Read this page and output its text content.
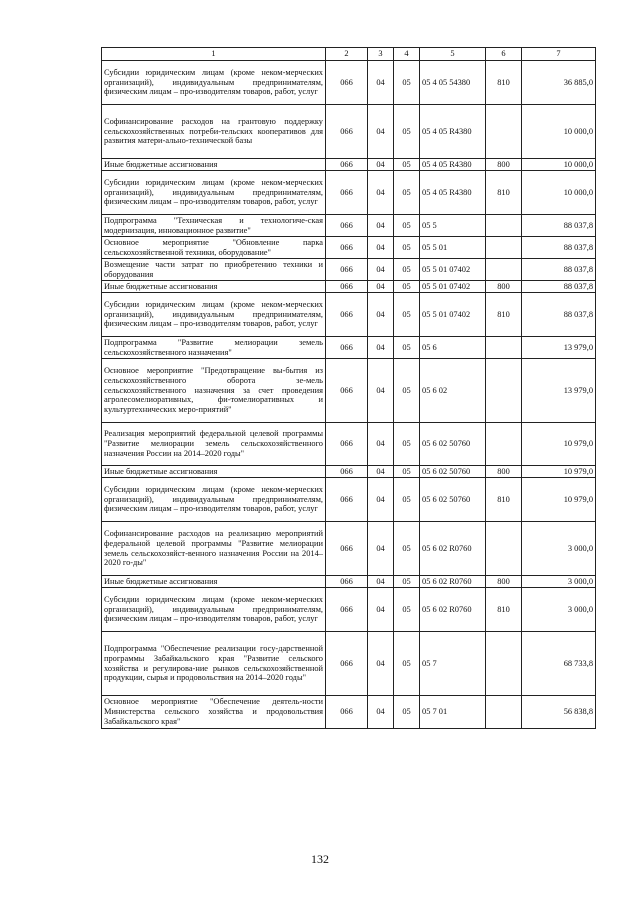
1	2	3	4	5	6	7
Субсидии юридическим лицам (кроме неком-мерческих организаций), индивидуальным предпринимателям, физическим лицам – про-изводителям товаров, работ, услуг	066	04	05	05 4 05 54380	810	36 885,0
Софинансирование расходов на грантовую поддержку сельскохозяйственных потреби-тельских кооперативов для развития матери-ально-технической базы	066	04	05	05 4 05 R4380		10 000,0
Иные бюджетные ассигнования	066	04	05	05 4 05 R4380	800	10 000,0
Субсидии юридическим лицам (кроме неком-мерческих организаций), индивидуальным предпринимателям, физическим лицам – про-изводителям товаров, работ, услуг	066	04	05	05 4 05 R4380	810	10 000,0
Подпрограмма "Техническая и технологиче-ская модернизация, инновационное развитие"	066	04	05	05 5		88 037,8
Основное мероприятие "Обновление парка сельскохозяйственной техники, оборудование"	066	04	05	05 5 01		88 037,8
Возмещение части затрат по приобретению техники и оборудования	066	04	05	05 5 01 07402		88 037,8
Иные бюджетные ассигнования	066	04	05	05 5 01 07402	800	88 037,8
Субсидии юридическим лицам (кроме неком-мерческих организаций), индивидуальным предпринимателям, физическим лицам – про-изводителям товаров, работ, услуг	066	04	05	05 5 01 07402	810	88 037,8
Подпрограмма "Развитие мелиорации земель сельскохозяйственного назначения"	066	04	05	05 6		13 979,0
Основное мероприятие "Предотвращение вы-бытия из сельскохозяйственного оборота зе-мель сельскохозяйственного назначения за счет проведения агролесомелиоративных, фи-томелиоративных и культуртехнических меро-приятий"	066	04	05	05 6 02		13 979,0
Реализация мероприятий федеральной целевой программы "Развитие мелиорации земель сельскохозяйственного назначения России на 2014–2020 годы"	066	04	05	05 6 02 50760		10 979,0
Иные бюджетные ассигнования	066	04	05	05 6 02 50760	800	10 979,0
Субсидии юридическим лицам (кроме неком-мерческих организаций), индивидуальным предпринимателям, физическим лицам – про-изводителям товаров, работ, услуг	066	04	05	05 6 02 50760	810	10 979,0
Софинансирование расходов на реализацию мероприятий федеральной целевой программы "Развитие мелиорации земель сельскохозяйст-венного назначения России на 2014–2020 го-ды"	066	04	05	05 6 02 R0760		3 000,0
Иные бюджетные ассигнования	066	04	05	05 6 02 R0760	800	3 000,0
Субсидии юридическим лицам (кроме неком-мерческих организаций), индивидуальным предпринимателям, физическим лицам – про-изводителям товаров, работ, услуг	066	04	05	05 6 02 R0760	810	3 000,0
Подпрограмма "Обеспечение реализации госу-дарственной программы Забайкальского края "Развитие сельского хозяйства и регулирова-ние рынков сельскохозяйственной продукции, сырья и продовольствия на 2014–2020 годы"	066	04	05	05 7		68 733,8
Основное мероприятие "Обеспечение деятель-ности Министерства сельского хозяйства и продовольствия Забайкальского края"	066	04	05	05 7 01		56 838,8
132
